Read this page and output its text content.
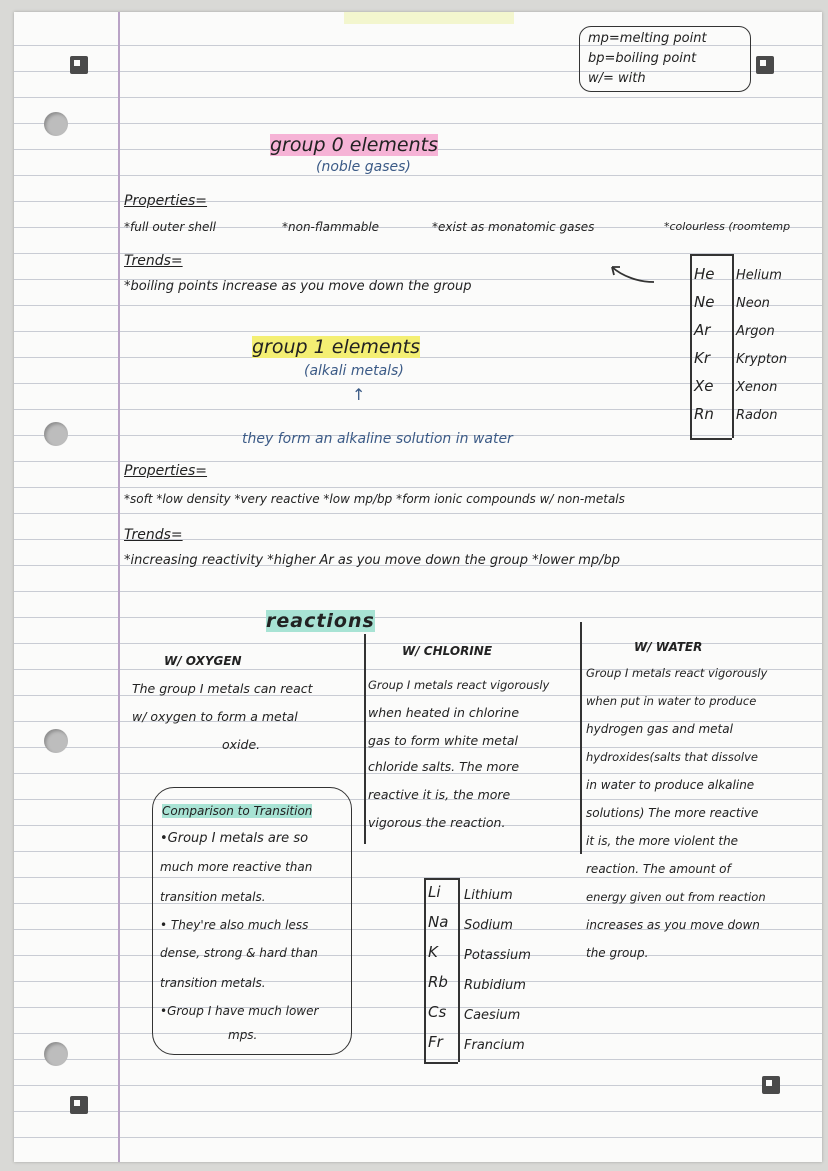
mp=melting point

bp=boiling point

w/= with

group 0 elements

(noble gases)

Properties=

*full outer shell	*non-flammable	*exist as monatomic gases	*colourless (roomtemp

Trends=

*boiling points increase as you move down the group

He Helium
Ne Neon
Ar Argon
Kr Krypton
Xe Xenon
Rn Radon

group 1 elements

(alkali metals)

↑

they form an alkaline solution in water

Properties=

*soft *low density *very reactive *low mp/bp *form ionic compounds w/ non-metals

Trends=

*increasing reactivity *higher Ar as you move down the group *lower mp/bp

reactions

W/ OXYGEN

W/ CHLORINE	W/ WATER

The group I metals can react

w/ oxygen to form a metal

oxide.

Group I metals react vigorously

when heated in chlorine

gas to form white metal

chloride salts. The more

reactive it is, the more

vigorous the reaction.

Group I metals react vigorously

when put in water to produce

hydrogen gas and metal

hydroxides(salts that dissolve

in water to produce alkaline

solutions) The more reactive

it is, the more violent the

reaction. The amount of

energy given out from reaction

increases as you move down

the group.

Comparison to Transition

•Group I metals are so

much more reactive than

transition metals.

• They're also much less

dense, strong & hard than

transition metals.

•Group I have much lower

mps.

Li Lithium
Na Sodium
K Potassium
Rb Rubidium
Cs Caesium
Fr Francium
